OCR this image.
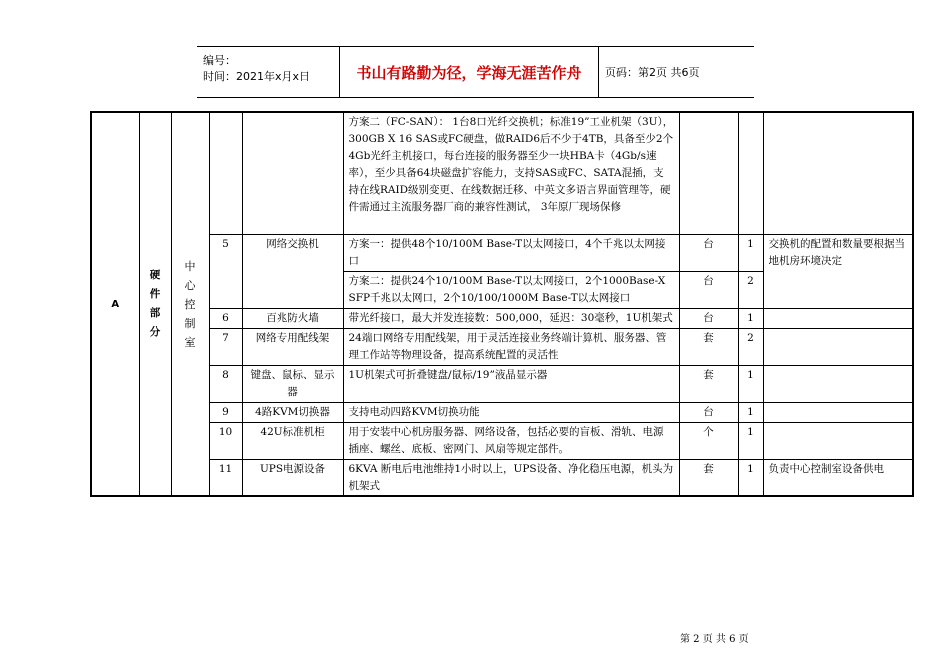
编号：
时间：2021年x月x日	书山有路勤为径，学海无涯苦作舟	页码：第2页 共6页
A	硬件部分	中心控制室			方案二（FC-SAN）： 1台8口光纤交换机；标准19”工业机架（3U），300GB X 16 SAS或FC硬盘，做RAID6后不少于4TB，具备至少2个4Gb光纤主机接口，每台连接的服务器至少一块HBA卡（4Gb/s速率），至少具备64块磁盘扩容能力，支持SAS或FC、SATA混插，支持在线RAID级别变更、在线数据迁移、中英文多语言界面管理等，硬件需通过主流服务器厂商的兼容性测试， 3年原厂现场保修			
			5	网络交换机	方案一：提供48个10/100M Base-T以太网接口，4个千兆以太网接口	台	1	交换机的配置和数量要根据当地机房环境决定
					方案二：提供24个10/100M Base-T以太网接口，2个1000Base-X SFP千兆以太网口，2个10/100/1000M Base-T以太网接口	台	2	
			6	百兆防火墙	带光纤接口，最大并发连接数：500,000，延迟：30毫秒，1U机架式	台	1	
			7	网络专用配线架	24端口网络专用配线架，用于灵活连接业务终端计算机、服务器、管理工作站等物理设备，提高系统配置的灵活性	套	2	
			8	键盘、鼠标、显示器	1U机架式可折叠键盘/鼠标/19”液晶显示器	套	1	
			9	4路KVM切换器	支持电动四路KVM切换功能	台	1	
			10	42U标准机柜	用于安装中心机房服务器、网络设备，包括必要的盲板、滑轨、电源插座、螺丝、底板、密网门、风扇等规定部件。	个	1	
			11	UPS电源设备	6KVA 断电后电池维持1小时以上，UPS设备、净化稳压电源，机头为机架式	套	1	负责中心控制室设备供电

第 2 页 共 6 页
